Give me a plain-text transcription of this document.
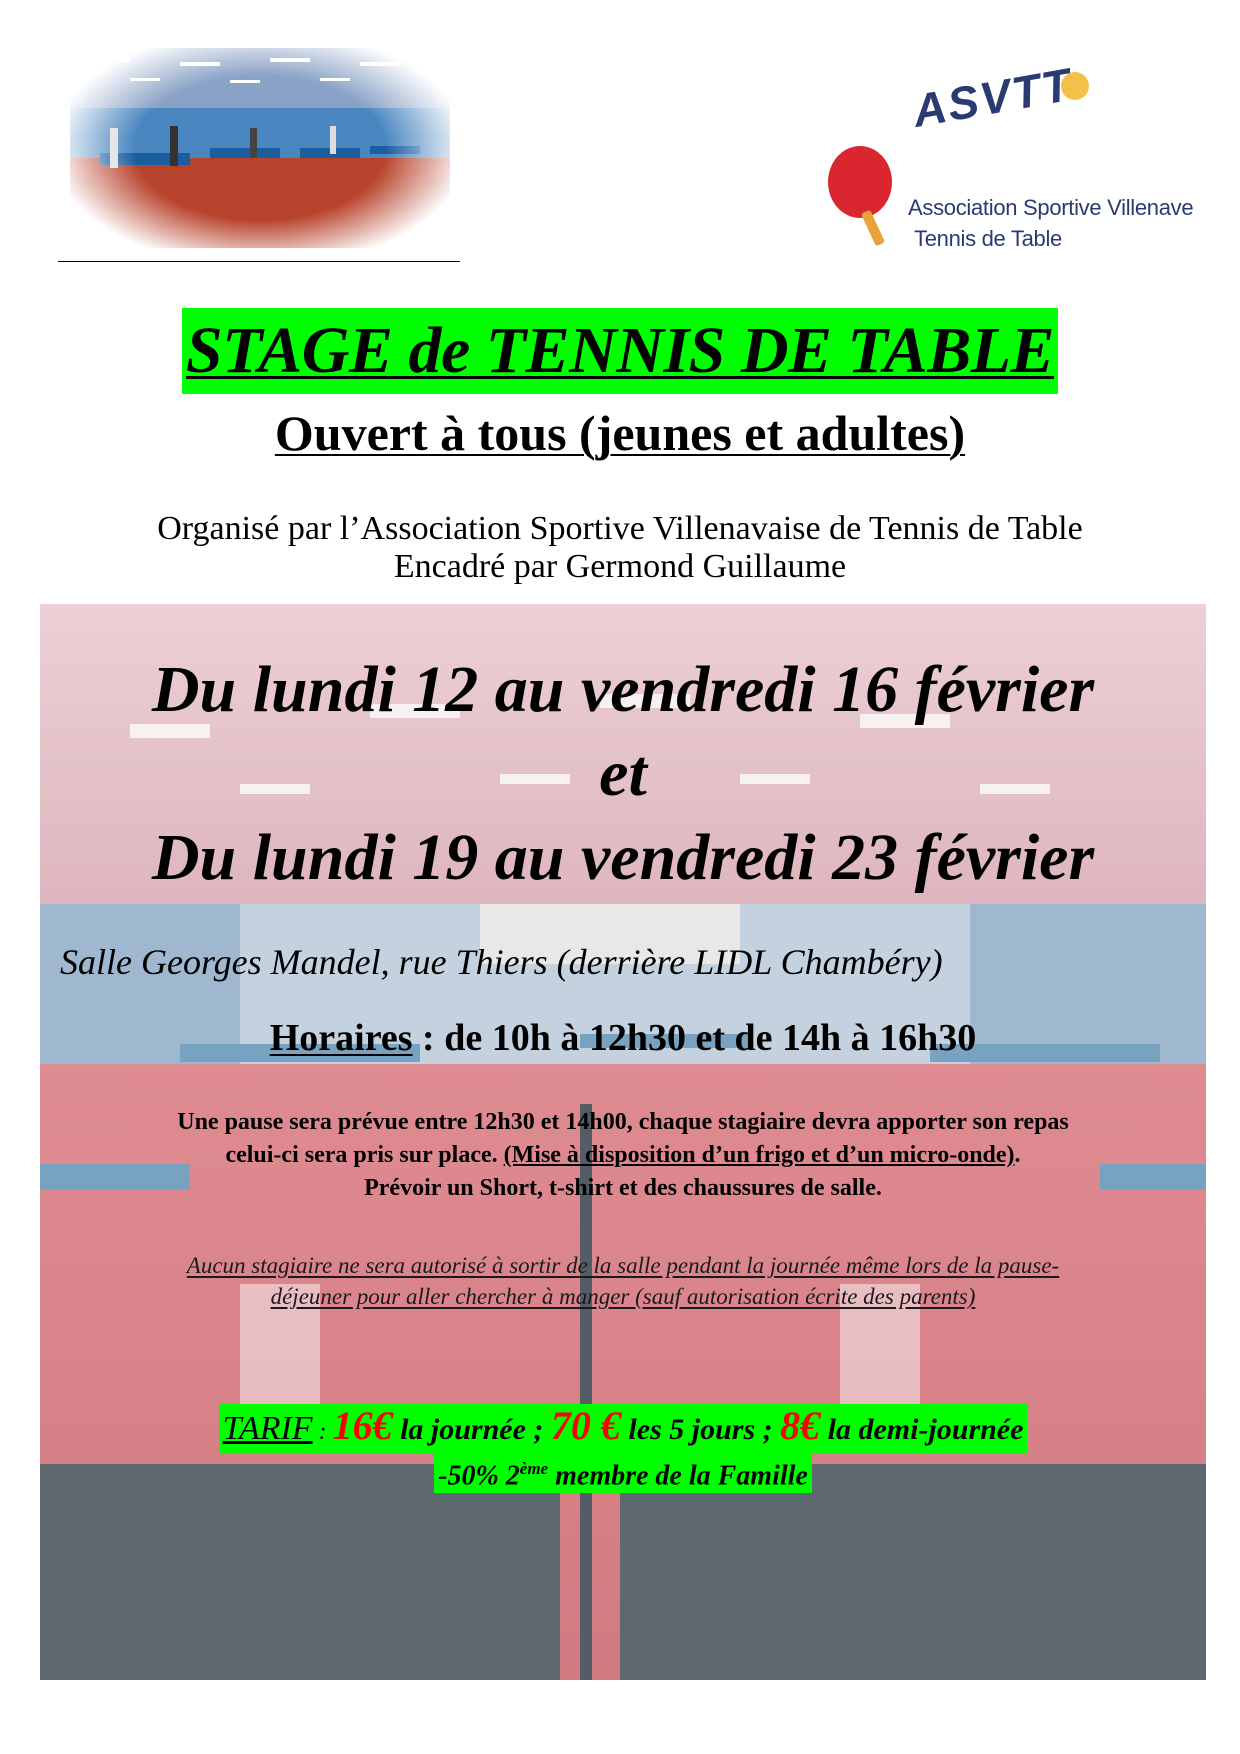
ASVTT
Association Sportive Villenave
Tennis de Table
STAGE de TENNIS DE TABLE
Ouvert à tous (jeunes et adultes)
Organisé par l’Association Sportive Villenavaise de Tennis de Table
Encadré par Germond Guillaume
Du lundi 12 au vendredi 16 février
et
Du lundi 19 au vendredi 23 février
Salle Georges Mandel, rue Thiers (derrière LIDL Chambéry)
Horaires : de 10h à 12h30 et de 14h à 16h30
Une pause sera prévue entre 12h30 et 14h00, chaque stagiaire devra apporter son repas
celui-ci sera pris sur place. (Mise à disposition d’un frigo et d’un micro-onde).
Prévoir un Short, t-shirt et des chaussures de salle.
Aucun stagiaire ne sera autorisé à sortir de la salle pendant la journée même lors de la pause-
déjeuner pour aller chercher à manger (sauf autorisation écrite des parents)
TARIF : 16€ la journée ; 70 € les 5 jours ; 8€ la demi-journée
-50% 2ème membre de la Famille
